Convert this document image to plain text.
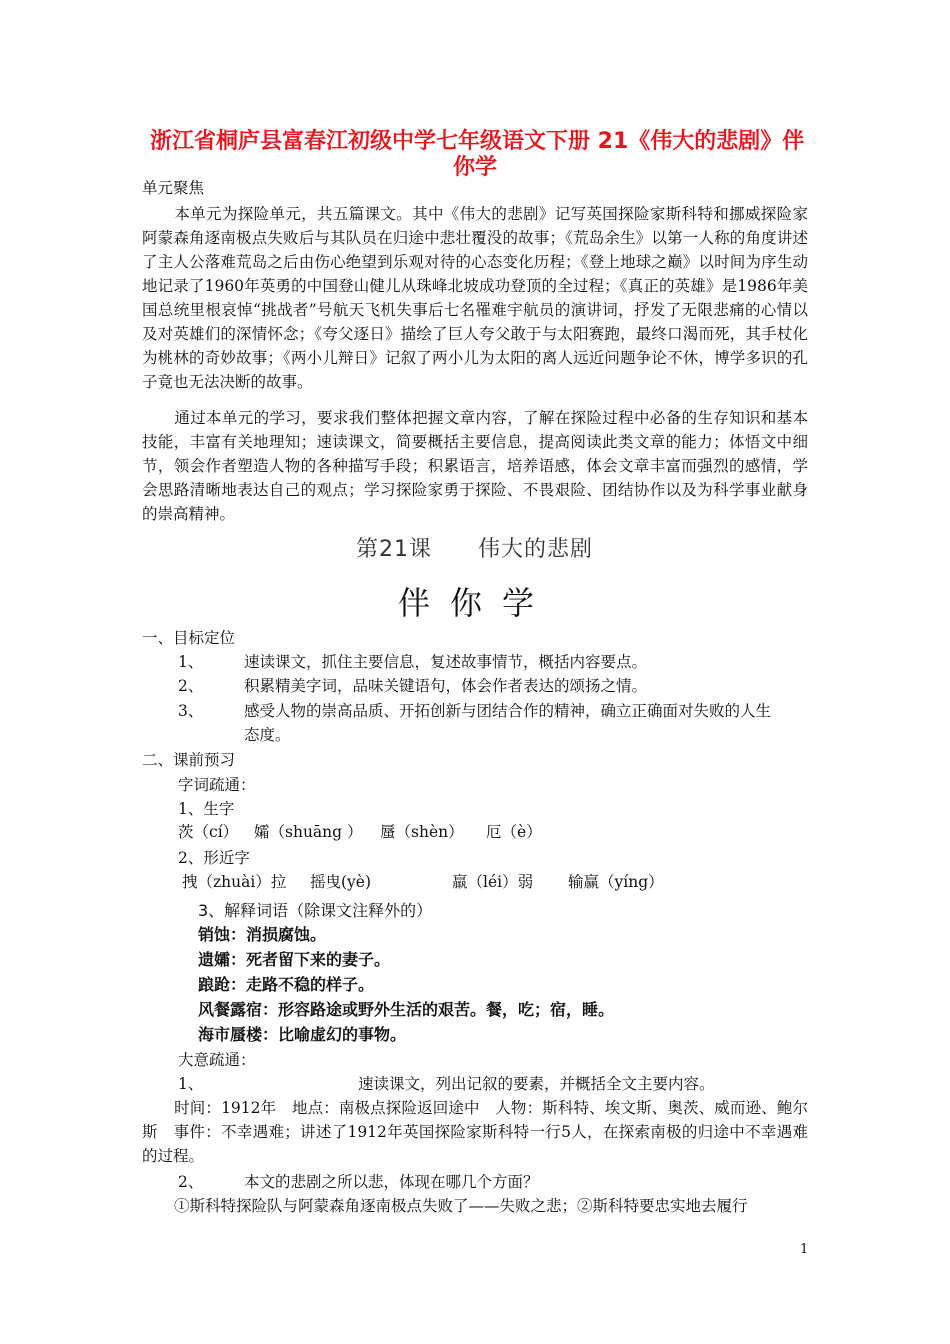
浙江省桐庐县富春江初级中学七年级语文下册 21《伟大的悲剧》伴
你学
单元聚焦
本单元为探险单元，共五篇课文。其中《伟大的悲剧》记写英国探险家斯科特和挪威探险家阿蒙森角逐南极点失败后与其队员在归途中悲壮覆没的故事；《荒岛余生》以第一人称的角度讲述了主人公落难荒岛之后由伤心绝望到乐观对待的心态变化历程；《登上地球之巅》以时间为序生动地记录了1960年英勇的中国登山健儿从珠峰北坡成功登顶的全过程；《真正的英雄》是1986年美国总统里根哀悼“挑战者”号航天飞机失事后七名罹难宇航员的演讲词，抒发了无限悲痛的心情以及对英雄们的深情怀念；《夸父逐日》描绘了巨人夸父敢于与太阳赛跑，最终口渴而死，其手杖化为桃林的奇妙故事；《两小儿辩日》记叙了两小儿为太阳的离人远近问题争论不休，博学多识的孔子竟也无法决断的故事。
通过本单元的学习，要求我们整体把握文章内容，了解在探险过程中必备的生存知识和基本技能，丰富有关地理知；速读课文，简要概括主要信息，提高阅读此类文章的能力；体悟文中细节，领会作者塑造人物的各种描写手段；积累语言，培养语感，体会文章丰富而强烈的感情，学会思路清晰地表达自己的观点；学习探险家勇于探险、不畏艰险、团结协作以及为科学事业献身的崇高精神。
第21课　　伟大的悲剧
伴你学
一、目标定位
1、	速读课文，抓住主要信息，复述故事情节，概括内容要点。
2、	积累精美字词，品味关键语句，体会作者表达的颂扬之情。
3、	感受人物的崇高品质、开拓创新与团结合作的精神，确立正确面对失败的人生
态度。
二、课前预习
字词疏通：
1、生字
茨（cí） 孀（shuāng ） 蜃（shèn） 厄（è）
2、形近字
拽（zhuài）拉 摇曳(yè)	羸（léi）弱 输赢（yíng）
3、解释词语（除课文注释外的）
销蚀：消损腐蚀。
遗孀：死者留下来的妻子。
踉跄：走路不稳的样子。
风餐露宿：形容路途或野外生活的艰苦。餐，吃；宿，睡。
海市蜃楼：比喻虚幻的事物。
大意疏通：
1、	速读课文，列出记叙的要素，并概括全文主要内容。
时间：1912年　地点：南极点探险返回途中　人物：斯科特、埃文斯、奥茨、威而逊、鲍尔斯　事件：不幸遇难；讲述了1912年英国探险家斯科特一行5人，在探索南极的归途中不幸遇难的过程。
2、	本文的悲剧之所以悲，体现在哪几个方面？
①斯科特探险队与阿蒙森角逐南极点失败了——失败之悲；②斯科特要忠实地去履行
1
